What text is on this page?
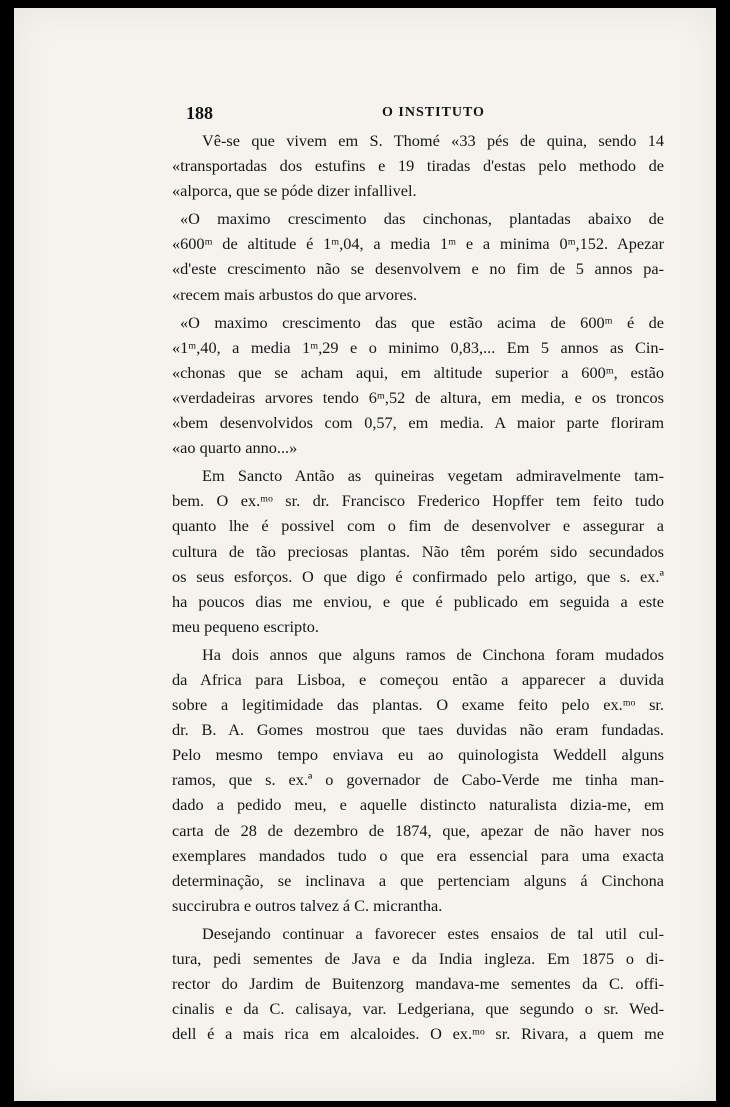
188	O INSTITUTO
Vê-se que vivem em S. Thomé «33 pés de quina, sendo 14
«transportadas dos estufins e 19 tiradas d'estas pelo methodo de
«alporca, que se póde dizer infallivel.
«O maximo crescimento das cinchonas, plantadas abaixo de
«600ᵐ de altitude é 1ᵐ,04, a media 1ᵐ e a minima 0ᵐ,152. Apezar
«d'este crescimento não se desenvolvem e no fim de 5 annos pa-
«recem mais arbustos do que arvores.
«O maximo crescimento das que estão acima de 600ᵐ é de
«1ᵐ,40, a media 1ᵐ,29 e o minimo 0,83,... Em 5 annos as Cin-
«chonas que se acham aqui, em altitude superior a 600ᵐ, estão
«verdadeiras arvores tendo 6ᵐ,52 de altura, em media, e os troncos
«bem desenvolvidos com 0,57, em media. A maior parte floriram
«ao quarto anno...»
Em Sancto Antão as quineiras vegetam admiravelmente tam-
bem. O ex.ᵐᵒ sr. dr. Francisco Frederico Hopffer tem feito tudo
quanto lhe é possivel com o fim de desenvolver e assegurar a
cultura de tão preciosas plantas. Não têm porém sido secundados
os seus esforços. O que digo é confirmado pelo artigo, que s. ex.ª
ha poucos dias me enviou, e que é publicado em seguida a este
meu pequeno escripto.
Ha dois annos que alguns ramos de Cinchona foram mudados
da Africa para Lisboa, e começou então a apparecer a duvida
sobre a legitimidade das plantas. O exame feito pelo ex.ᵐᵒ sr.
dr. B. A. Gomes mostrou que taes duvidas não eram fundadas.
Pelo mesmo tempo enviava eu ao quinologista Weddell alguns
ramos, que s. ex.ª o governador de Cabo-Verde me tinha man-
dado a pedido meu, e aquelle distincto naturalista dizia-me, em
carta de 28 de dezembro de 1874, que, apezar de não haver nos
exemplares mandados tudo o que era essencial para uma exacta
determinação, se inclinava a que pertenciam alguns á Cinchona
succirubra e outros talvez á C. micrantha.
Desejando continuar a favorecer estes ensaios de tal util cul-
tura, pedi sementes de Java e da India ingleza. Em 1875 o di-
rector do Jardim de Buitenzorg mandava-me sementes da C. offi-
cinalis e da C. calisaya, var. Ledgeriana, que segundo o sr. Wed-
dell é a mais rica em alcaloides. O ex.ᵐᵒ sr. Rivara, a quem me
